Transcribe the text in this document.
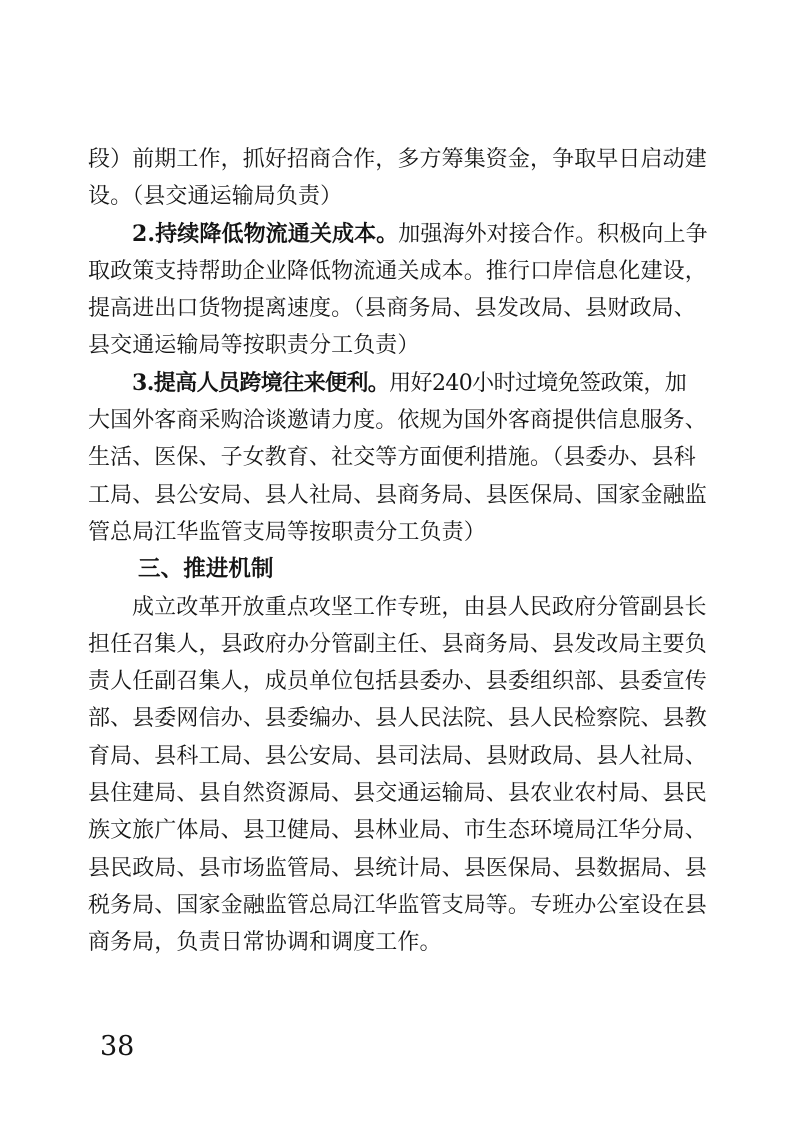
段）前期工作，抓好招商合作，多方筹集资金，争取早日启动建
设。（县交通运输局负责）
2.持续降低物流通关成本。加强海外对接合作。积极向上争
取政策支持帮助企业降低物流通关成本。推行口岸信息化建设，
提高进出口货物提离速度。（县商务局、县发改局、县财政局、
县交通运输局等按职责分工负责）
3.提高人员跨境往来便利。用好240小时过境免签政策，加
大国外客商采购洽谈邀请力度。依规为国外客商提供信息服务、
生活、医保、子女教育、社交等方面便利措施。（县委办、县科
工局、县公安局、县人社局、县商务局、县医保局、国家金融监
管总局江华监管支局等按职责分工负责）
三、推进机制
成立改革开放重点攻坚工作专班，由县人民政府分管副县长
担任召集人，县政府办分管副主任、县商务局、县发改局主要负
责人任副召集人，成员单位包括县委办、县委组织部、县委宣传
部、县委网信办、县委编办、县人民法院、县人民检察院、县教
育局、县科工局、县公安局、县司法局、县财政局、县人社局、
县住建局、县自然资源局、县交通运输局、县农业农村局、县民
族文旅广体局、县卫健局、县林业局、市生态环境局江华分局、
县民政局、县市场监管局、县统计局、县医保局、县数据局、县
税务局、国家金融监管总局江华监管支局等。专班办公室设在县
商务局，负责日常协调和调度工作。
38
